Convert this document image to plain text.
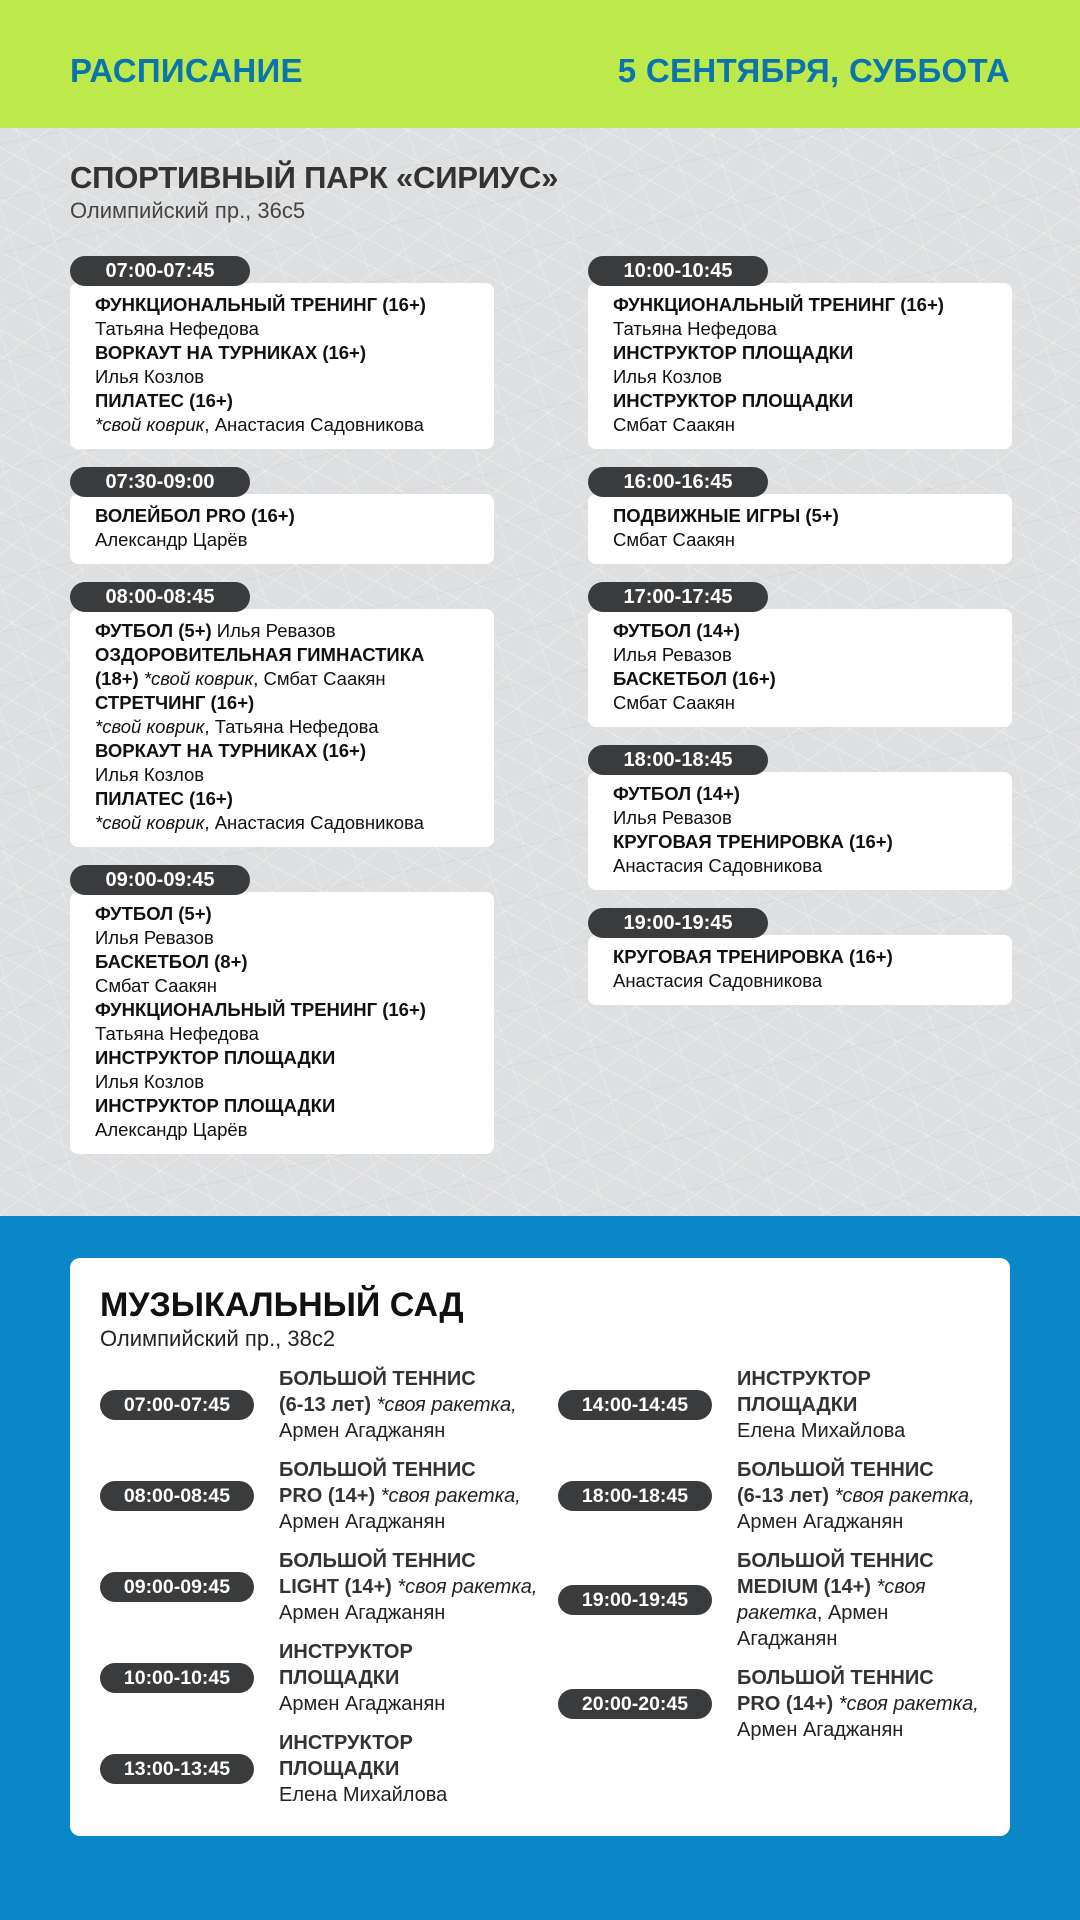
РАСПИСАНИЕ	5 СЕНТЯБРЯ, СУББОТА
СПОРТИВНЫЙ ПАРК «СИРИУС»
Олимпийский пр., 36с5
07:00-07:45
ФУНКЦИОНАЛЬНЫЙ ТРЕНИНГ (16+)
Татьяна Нефедова
ВОРКАУТ НА ТУРНИКАХ (16+)
Илья Козлов
ПИЛАТЕС (16+)
*свой коврик, Анастасия Садовникова
07:30-09:00
ВОЛЕЙБОЛ PRO (16+)
Александр Царёв
08:00-08:45
ФУТБОЛ (5+) Илья Ревазов
ОЗДОРОВИТЕЛЬНАЯ ГИМНАСТИКА
(18+) *свой коврик, Смбат Саакян
СТРЕТЧИНГ (16+)
*свой коврик, Татьяна Нефедова
ВОРКАУТ НА ТУРНИКАХ (16+)
Илья Козлов
ПИЛАТЕС (16+)
*свой коврик, Анастасия Садовникова
09:00-09:45
ФУТБОЛ (5+)
Илья Ревазов
БАСКЕТБОЛ (8+)
Смбат Саакян
ФУНКЦИОНАЛЬНЫЙ ТРЕНИНГ (16+)
Татьяна Нефедова
ИНСТРУКТОР ПЛОЩАДКИ
Илья Козлов
ИНСТРУКТОР ПЛОЩАДКИ
Александр Царёв
10:00-10:45
ФУНКЦИОНАЛЬНЫЙ ТРЕНИНГ (16+)
Татьяна Нефедова
ИНСТРУКТОР ПЛОЩАДКИ
Илья Козлов
ИНСТРУКТОР ПЛОЩАДКИ
Смбат Саакян
16:00-16:45
ПОДВИЖНЫЕ ИГРЫ (5+)
Смбат Саакян
17:00-17:45
ФУТБОЛ (14+)
Илья Ревазов
БАСКЕТБОЛ (16+)
Смбат Саакян
18:00-18:45
ФУТБОЛ (14+)
Илья Ревазов
КРУГОВАЯ ТРЕНИРОВКА (16+)
Анастасия Садовникова
19:00-19:45
КРУГОВАЯ ТРЕНИРОВКА (16+)
Анастасия Садовникова
МУЗЫКАЛЬНЫЙ САД
Олимпийский пр., 38с2
07:00-07:45
БОЛЬШОЙ ТЕННИС
(6-13 лет) *своя ракетка,
Армен Агаджанян
08:00-08:45
БОЛЬШОЙ ТЕННИС
PRO (14+) *своя ракетка,
Армен Агаджанян
09:00-09:45
БОЛЬШОЙ ТЕННИС
LIGHT (14+) *своя ракетка,
Армен Агаджанян
10:00-10:45
ИНСТРУКТОР
ПЛОЩАДКИ
Армен Агаджанян
13:00-13:45
ИНСТРУКТОР
ПЛОЩАДКИ
Елена Михайлова
14:00-14:45
ИНСТРУКТОР
ПЛОЩАДКИ
Елена Михайлова
18:00-18:45
БОЛЬШОЙ ТЕННИС
(6-13 лет) *своя ракетка,
Армен Агаджанян
19:00-19:45
БОЛЬШОЙ ТЕННИС
MEDIUM (14+) *своя
ракетка, Армен
Агаджанян
20:00-20:45
БОЛЬШОЙ ТЕННИС
PRO (14+) *своя ракетка,
Армен Агаджанян
